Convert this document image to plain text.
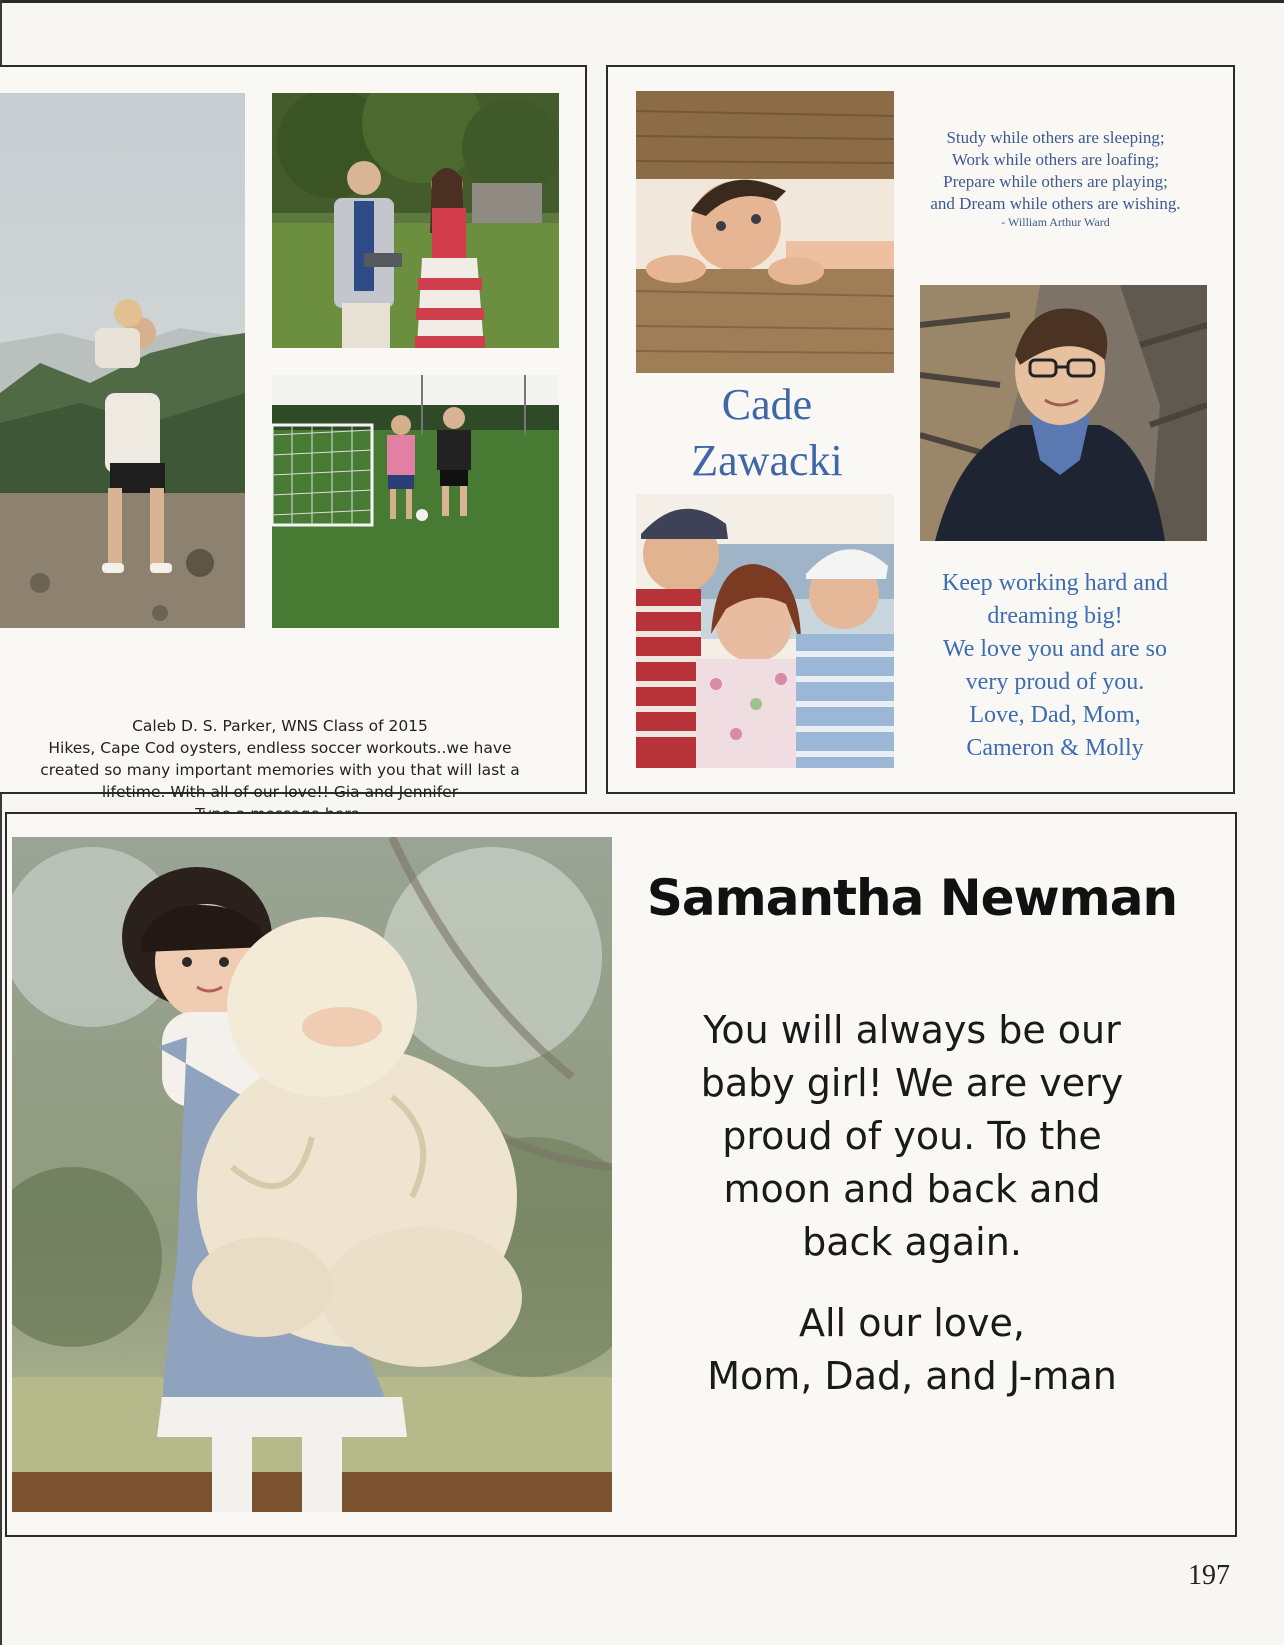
Caleb D. S. Parker, WNS Class of 2015
Hikes, Cape Cod oysters, endless soccer workouts..we have
created so many important memories with you that will last a
lifetime. With all of our love!! Gia and Jennifer
Study while others are sleeping;
Work while others are loafing;
Prepare while others are playing;
and Dream while others are wishing.
- William Arthur Ward
Cade
Zawacki
Keep working hard and
dreaming big!
We love you and are so
very proud of you.
Love, Dad, Mom,
Cameron & Molly
Samantha Newman
You will always be our
baby girl! We are very
proud of you. To the
moon and back and
back again.
All our love,
Mom, Dad, and J-man
197
